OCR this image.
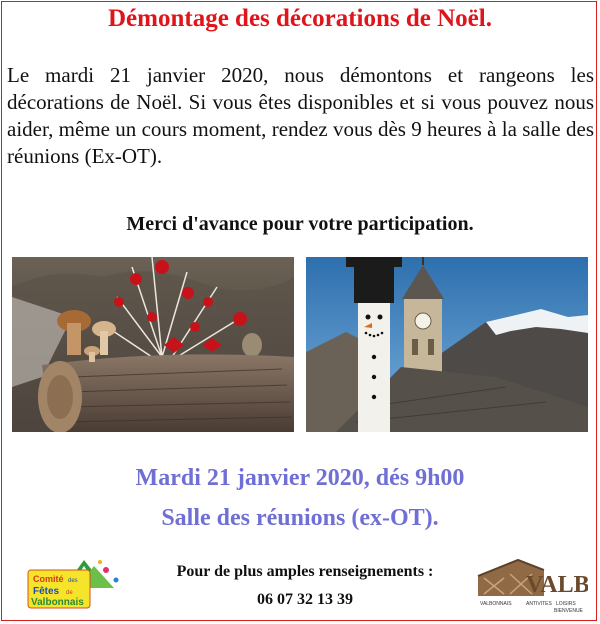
Démontage des décorations de Noël.
Le mardi 21 janvier 2020, nous démontons et rangeons les décorations de Noël. Si vous êtes disponibles et si vous pouvez nous aider, même un cours moment, rendez vous dès 9 heures à la salle des réunions (Ex-OT).
Merci d'avance pour votre participation.
Mardi 21 janvier 2020, dés 9h00
Salle des réunions (ex-OT).
Comité des
Fêtes de
Valbonnais
Pour de plus amples renseignements :
06 07 32 13 39
VALB
VALBONNAIS	ANTIVITES LOISIRS
BIENVENUE
